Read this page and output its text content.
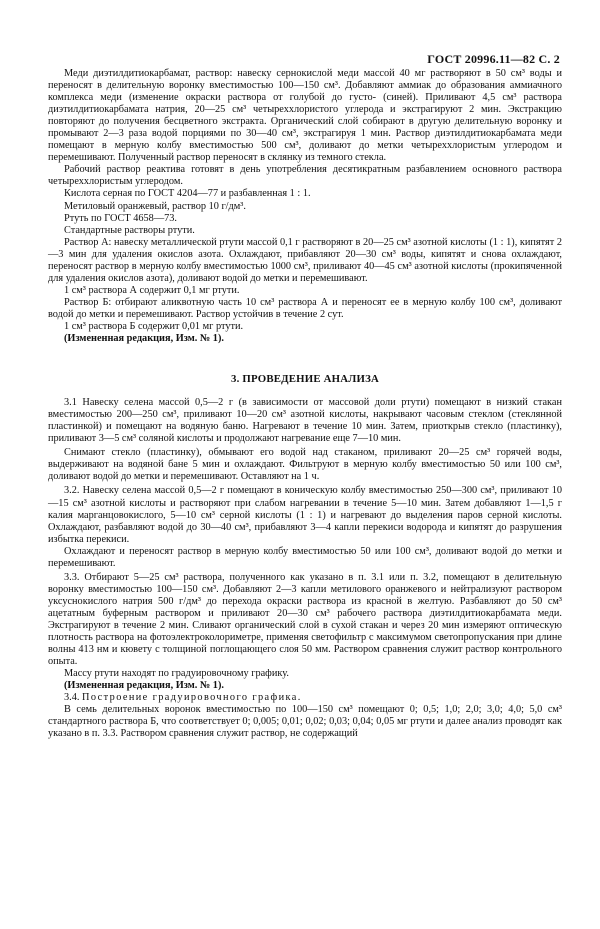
ГОСТ 20996.11—82 С. 2

Меди диэтилдитиокарбамат, раствор: навеску сернокислой меди массой 40 мг растворяют в 50 см³ воды и переносят в делительную воронку вместимостью 100—150 см³. Добавляют аммиак до образования аммиачного комплекса меди (изменение окраски раствора от голубой до густо- (синей). Приливают 4,5 см³ раствора диэтилдитиокарбамата натрия, 20—25 см³ четыреххлористого углерода и экстрагируют 2 мин. Экстракцию повторяют до получения бесцветного экстракта. Органический слой собирают в другую делительную воронку и промывают 2—3 раза водой порциями по 30—40 см³, экстрагируя 1 мин. Раствор диэтилдитиокарбамата меди помещают в мерную колбу вместимостью 500 см³, доливают до метки четыреххлористым углеродом и перемешивают. Полученный раствор переносят в склянку из темного стекла.

Рабочий раствор реактива готовят в день употребления десятикратным разбавлением основного раствора четыреххлористым углеродом.

Кислота серная по ГОСТ 4204—77 и разбавленная 1 : 1.

Метиловый оранжевый, раствор 10 г/дм³.

Ртуть по ГОСТ 4658—73.

Стандартные растворы ртути.

Раствор А: навеску металлической ртути массой 0,1 г растворяют в 20—25 см³ азотной кислоты (1 : 1), кипятят 2—3 мин для удаления окислов азота. Охлаждают, прибавляют 20—30 см³ воды, кипятят и снова охлаждают, переносят раствор в мерную колбу вместимостью 1000 см³, приливают 40—45 см³ азотной кислоты (прокипяченной для удаления окислов азота), доливают водой до метки и перемешивают.

1 см³ раствора А содержит 0,1 мг ртути.

Раствор Б: отбирают аликвотную часть 10 см³ раствора А и переносят ее в мерную колбу 100 см³, доливают водой до метки и перемешивают. Раствор устойчив в течение 2 сут.

1 см³ раствора Б содержит 0,01 мг ртути.

(Измененная редакция, Изм. № 1).

3. ПРОВЕДЕНИЕ АНАЛИЗА

3.1 Навеску селена массой 0,5—2 г (в зависимости от массовой доли ртути) помещают в низкий стакан вместимостью 200—250 см³, приливают 10—20 см³ азотной кислоты, накрывают часовым стеклом (стеклянной пластинкой) и помещают на водяную баню. Нагревают в течение 10 мин. Затем, приоткрыв стекло (пластинку), приливают 3—5 см³ соляной кислоты и продолжают нагревание еще 7—10 мин.

Снимают стекло (пластинку), обмывают его водой над стаканом, приливают 20—25 см³ горячей воды, выдерживают на водяной бане 5 мин и охлаждают. Фильтруют в мерную колбу вместимостью 50 или 100 см³, доливают водой до метки и перемешивают. Оставляют на 1 ч.

3.2. Навеску селена массой 0,5—2 г помещают в коническую колбу вместимостью 250—300 см³, приливают 10—15 см³ азотной кислоты и растворяют при слабом нагревании в течение 5—10 мин. Затем добавляют 1—1,5 г калия марганцовокислого, 5—10 см³ серной кислоты (1 : 1) и нагревают до выделения паров серной кислоты. Охлаждают, разбавляют водой до 30—40 см³, прибавляют 3—4 капли перекиси водорода и кипятят до разрушения избытка перекиси.

Охлаждают и переносят раствор в мерную колбу вместимостью 50 или 100 см³, доливают водой до метки и перемешивают.

3.3. Отбирают 5—25 см³ раствора, полученного как указано в п. 3.1 или п. 3.2, помещают в делительную воронку вместимостью 100—150 см³. Добавляют 2—3 капли метилового оранжевого и нейтрализуют раствором уксуснокислого натрия 500 г/дм³ до перехода окраски раствора из красной в желтую. Разбавляют до 50 см³ ацетатным буферным раствором и приливают 20—30 см³ рабочего раствора диэтилдитиокарбамата меди. Экстрагируют в течение 2 мин. Сливают органический слой в сухой стакан и через 20 мин измеряют оптическую плотность раствора на фотоэлектроколориметре, применяя светофильтр с максимумом светопропускания при длине волны 413 нм и кювету с толщиной поглощающего слоя 50 мм. Раствором сравнения служит раствор контрольного опыта.

Массу ртути находят по градуировочному графику.

(Измененная редакция, Изм. № 1).

3.4. Построение градуировочного графика.

В семь делительных воронок вместимостью по 100—150 см³ помещают 0; 0,5; 1,0; 2,0; 3,0; 4,0; 5,0 см³ стандартного раствора Б, что соответствует 0; 0,005; 0,01; 0,02; 0,03; 0,04; 0,05 мг ртути и далее анализ проводят как указано в п. 3.3. Раствором сравнения служит раствор, не содержащий
